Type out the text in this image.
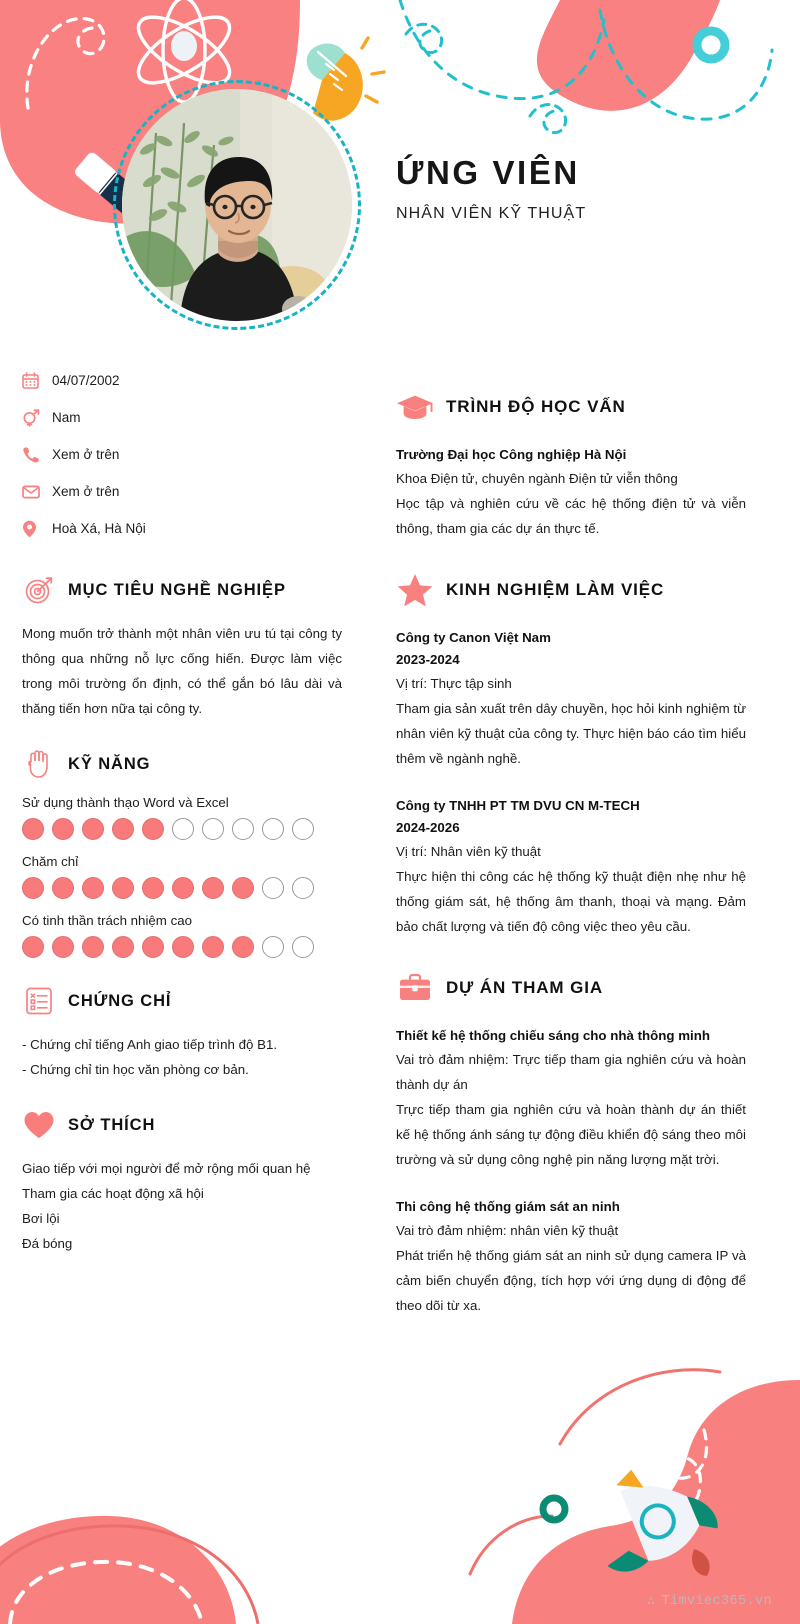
ỨNG VIÊN
NHÂN VIÊN KỸ THUẬT
04/07/2002
Nam
Xem ở trên
Xem ở trên
Hoà Xá, Hà Nội
MỤC TIÊU NGHỀ NGHIỆP
Mong muốn trở thành một nhân viên ưu tú tại công ty thông qua những nỗ lực cống hiến. Được làm việc trong môi trường ổn định, có thể gắn bó lâu dài và thăng tiến hơn nữa tại công ty.
KỸ NĂNG
Sử dụng thành thạo Word và Excel
Chăm chỉ
Có tinh thần trách nhiệm cao
CHỨNG CHỈ
- Chứng chỉ tiếng Anh giao tiếp trình độ B1.
- Chứng chỉ tin học văn phòng cơ bản.
SỞ THÍCH
Giao tiếp với mọi người để mở rộng mối quan hệ
Tham gia các hoạt động xã hội
Bơi lội
Đá bóng
TRÌNH ĐỘ HỌC VẤN
Trường Đại học Công nghiệp Hà Nội
Khoa Điện tử, chuyên ngành Điện tử viễn thông
Học tập và nghiên cứu về các hệ thống điện tử và viễn thông, tham gia các dự án thực tế.
KINH NGHIỆM LÀM VIỆC
Công ty Canon Việt Nam
2023-2024
Vị trí: Thực tập sinh
Tham gia sản xuất trên dây chuyền, học hỏi kinh nghiệm từ nhân viên kỹ thuật của công ty. Thực hiện báo cáo tìm hiểu thêm về ngành nghề.
Công ty TNHH PT TM DVU CN M-TECH
2024-2026
Vị trí: Nhân viên kỹ thuật
Thực hiện thi công các hệ thống kỹ thuật điện nhẹ như hệ thống giám sát, hệ thống âm thanh, thoại và mạng. Đảm bảo chất lượng và tiến độ công việc theo yêu cầu.
DỰ ÁN THAM GIA
Thiết kế hệ thống chiếu sáng cho nhà thông minh
Vai trò đảm nhiệm: Trực tiếp tham gia nghiên cứu và hoàn thành dự án
Trực tiếp tham gia nghiên cứu và hoàn thành dự án thiết kế hệ thống ánh sáng tự động điều khiển độ sáng theo môi trường và sử dụng công nghệ pin năng lượng mặt trời.
Thi công hệ thống giám sát an ninh
Vai trò đảm nhiệm: nhân viên kỹ thuật
Phát triển hệ thống giám sát an ninh sử dụng camera IP và cảm biến chuyển động, tích hợp với ứng dụng di động để theo dõi từ xa.
∴ Timviec365.vn
